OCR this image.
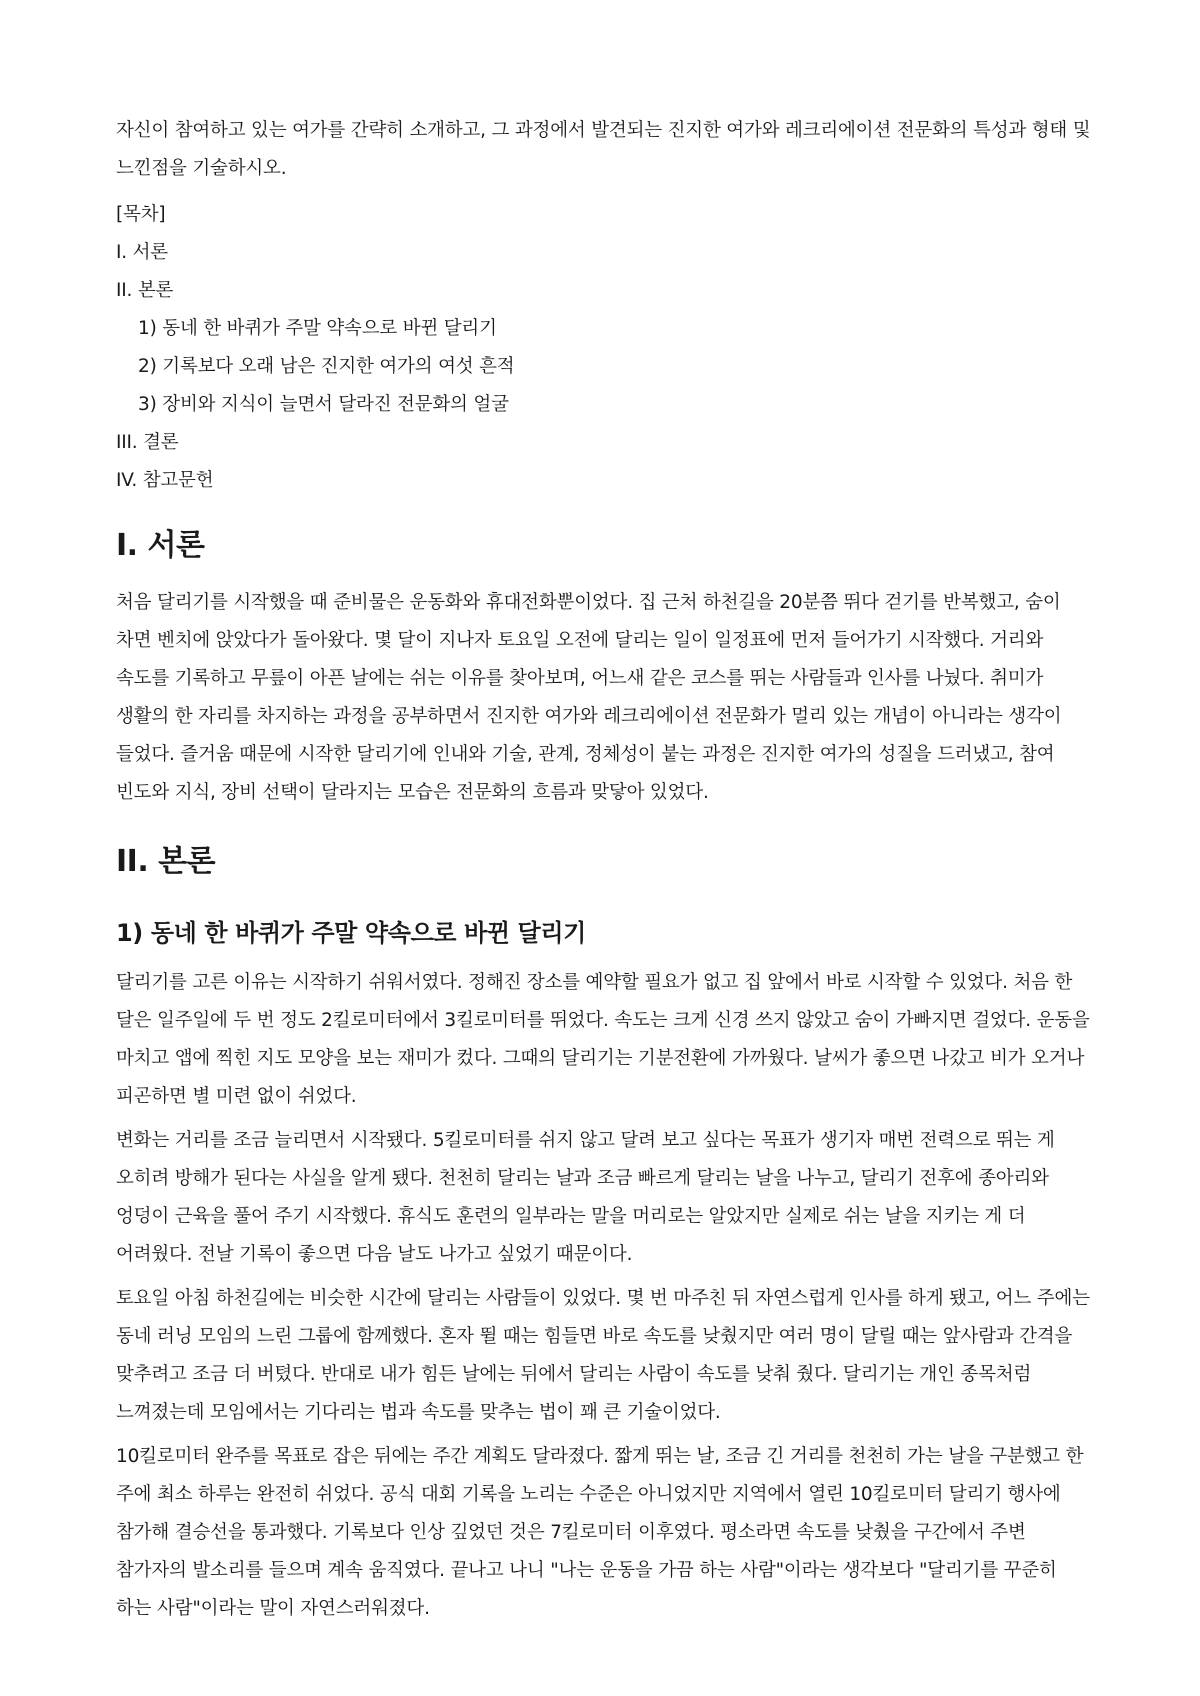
자신이 참여하고 있는 여가를 간략히 소개하고, 그 과정에서 발견되는 진지한 여가와 레크리에이션 전문화의 특성과 형태 및 느낀점을 기술하시오.

[목차]

I. 서론

II. 본론

1) 동네 한 바퀴가 주말 약속으로 바뀐 달리기

2) 기록보다 오래 남은 진지한 여가의 여섯 흔적

3) 장비와 지식이 늘면서 달라진 전문화의 얼굴

III. 결론

IV. 참고문헌

I. 서론

처음 달리기를 시작했을 때 준비물은 운동화와 휴대전화뿐이었다. 집 근처 하천길을 20분쯤 뛰다 걷기를 반복했고, 숨이 차면 벤치에 앉았다가 돌아왔다. 몇 달이 지나자 토요일 오전에 달리는 일이 일정표에 먼저 들어가기 시작했다. 거리와 속도를 기록하고 무릎이 아픈 날에는 쉬는 이유를 찾아보며, 어느새 같은 코스를 뛰는 사람들과 인사를 나눴다. 취미가 생활의 한 자리를 차지하는 과정을 공부하면서 진지한 여가와 레크리에이션 전문화가 멀리 있는 개념이 아니라는 생각이 들었다. 즐거움 때문에 시작한 달리기에 인내와 기술, 관계, 정체성이 붙는 과정은 진지한 여가의 성질을 드러냈고, 참여 빈도와 지식, 장비 선택이 달라지는 모습은 전문화의 흐름과 맞닿아 있었다.

II. 본론
1) 동네 한 바퀴가 주말 약속으로 바뀐 달리기

달리기를 고른 이유는 시작하기 쉬워서였다. 정해진 장소를 예약할 필요가 없고 집 앞에서 바로 시작할 수 있었다. 처음 한 달은 일주일에 두 번 정도 2킬로미터에서 3킬로미터를 뛰었다. 속도는 크게 신경 쓰지 않았고 숨이 가빠지면 걸었다. 운동을 마치고 앱에 찍힌 지도 모양을 보는 재미가 컸다. 그때의 달리기는 기분전환에 가까웠다. 날씨가 좋으면 나갔고 비가 오거나 피곤하면 별 미련 없이 쉬었다.

변화는 거리를 조금 늘리면서 시작됐다. 5킬로미터를 쉬지 않고 달려 보고 싶다는 목표가 생기자 매번 전력으로 뛰는 게 오히려 방해가 된다는 사실을 알게 됐다. 천천히 달리는 날과 조금 빠르게 달리는 날을 나누고, 달리기 전후에 종아리와 엉덩이 근육을 풀어 주기 시작했다. 휴식도 훈련의 일부라는 말을 머리로는 알았지만 실제로 쉬는 날을 지키는 게 더 어려웠다. 전날 기록이 좋으면 다음 날도 나가고 싶었기 때문이다.

토요일 아침 하천길에는 비슷한 시간에 달리는 사람들이 있었다. 몇 번 마주친 뒤 자연스럽게 인사를 하게 됐고, 어느 주에는 동네 러닝 모임의 느린 그룹에 함께했다. 혼자 뛸 때는 힘들면 바로 속도를 낮췄지만 여러 명이 달릴 때는 앞사람과 간격을 맞추려고 조금 더 버텼다. 반대로 내가 힘든 날에는 뒤에서 달리는 사람이 속도를 낮춰 줬다. 달리기는 개인 종목처럼 느껴졌는데 모임에서는 기다리는 법과 속도를 맞추는 법이 꽤 큰 기술이었다.

10킬로미터 완주를 목표로 잡은 뒤에는 주간 계획도 달라졌다. 짧게 뛰는 날, 조금 긴 거리를 천천히 가는 날을 구분했고 한 주에 최소 하루는 완전히 쉬었다. 공식 대회 기록을 노리는 수준은 아니었지만 지역에서 열린 10킬로미터 달리기 행사에 참가해 결승선을 통과했다. 기록보다 인상 깊었던 것은 7킬로미터 이후였다. 평소라면 속도를 낮췄을 구간에서 주변 참가자의 발소리를 들으며 계속 움직였다. 끝나고 나니 "나는 운동을 가끔 하는 사람"이라는 생각보다 "달리기를 꾸준히 하는 사람"이라는 말이 자연스러워졌다.
